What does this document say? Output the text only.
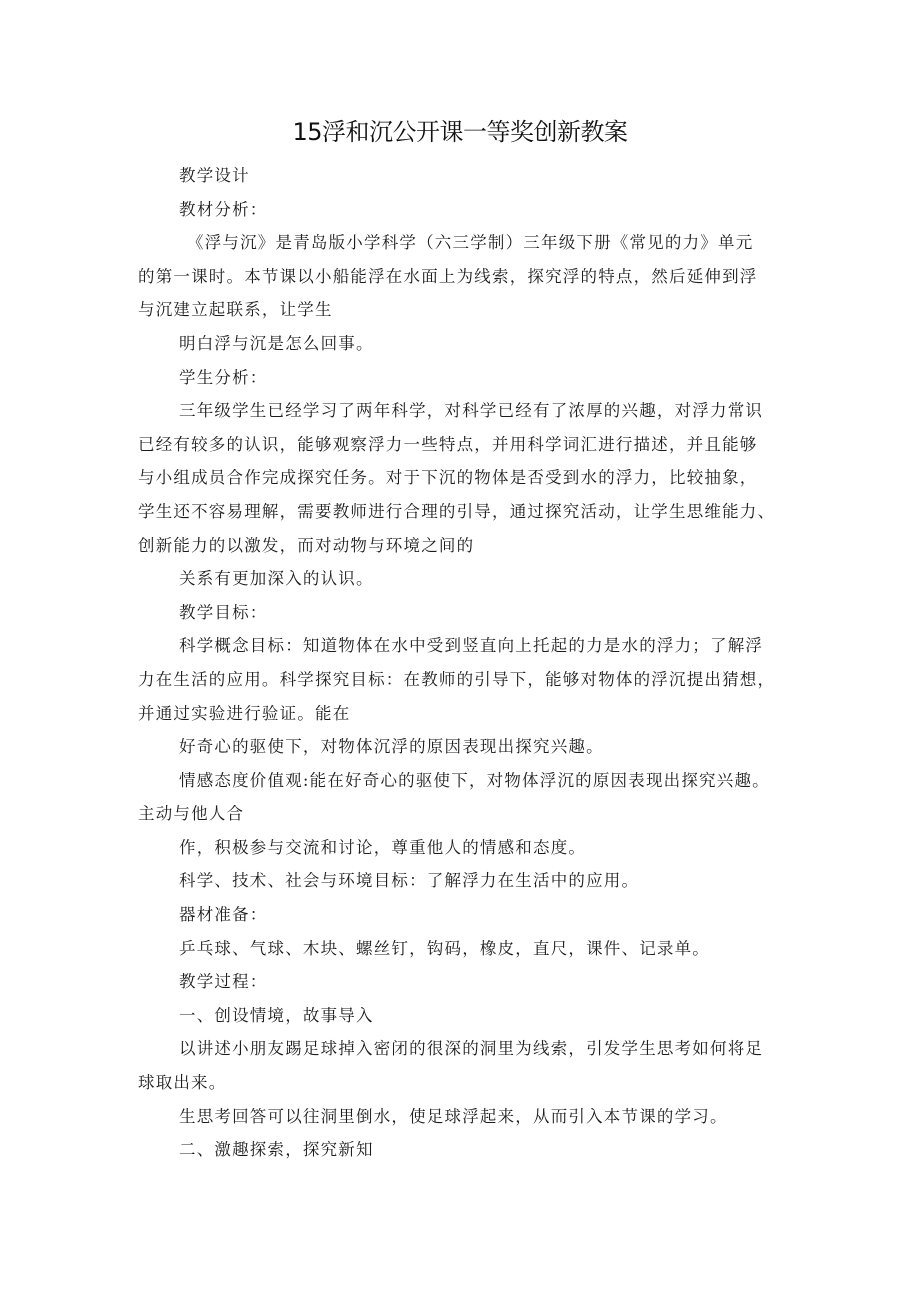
15浮和沉公开课一等奖创新教案
教学设计
教材分析：
《浮与沉》是青岛版小学科学（六三学制）三年级下册《常见的力》单元
的第一课时。本节课以小船能浮在水面上为线索，探究浮的特点，然后延伸到浮
与沉建立起联系，让学生
明白浮与沉是怎么回事。
学生分析：
三年级学生已经学习了两年科学，对科学已经有了浓厚的兴趣，对浮力常识
已经有较多的认识，能够观察浮力一些特点，并用科学词汇进行描述，并且能够
与小组成员合作完成探究任务。对于下沉的物体是否受到水的浮力，比较抽象，
学生还不容易理解，需要教师进行合理的引导，通过探究活动，让学生思维能力、
创新能力的以激发，而对动物与环境之间的
关系有更加深入的认识。
教学目标：
科学概念目标：知道物体在水中受到竖直向上托起的力是水的浮力；了解浮
力在生活的应用。科学探究目标：在教师的引导下，能够对物体的浮沉提出猜想，
并通过实验进行验证。能在
好奇心的驱使下，对物体沉浮的原因表现出探究兴趣。
情感态度价值观:能在好奇心的驱使下，对物体浮沉的原因表现出探究兴趣。
主动与他人合
作，积极参与交流和讨论，尊重他人的情感和态度。
科学、技术、社会与环境目标：了解浮力在生活中的应用。
器材准备：
乒乓球、气球、木块、螺丝钉，钩码，橡皮，直尺，课件、记录单。
教学过程：
一、创设情境，故事导入
以讲述小朋友踢足球掉入密闭的很深的洞里为线索，引发学生思考如何将足
球取出来。
生思考回答可以往洞里倒水，使足球浮起来，从而引入本节课的学习。
二、激趣探索，探究新知
